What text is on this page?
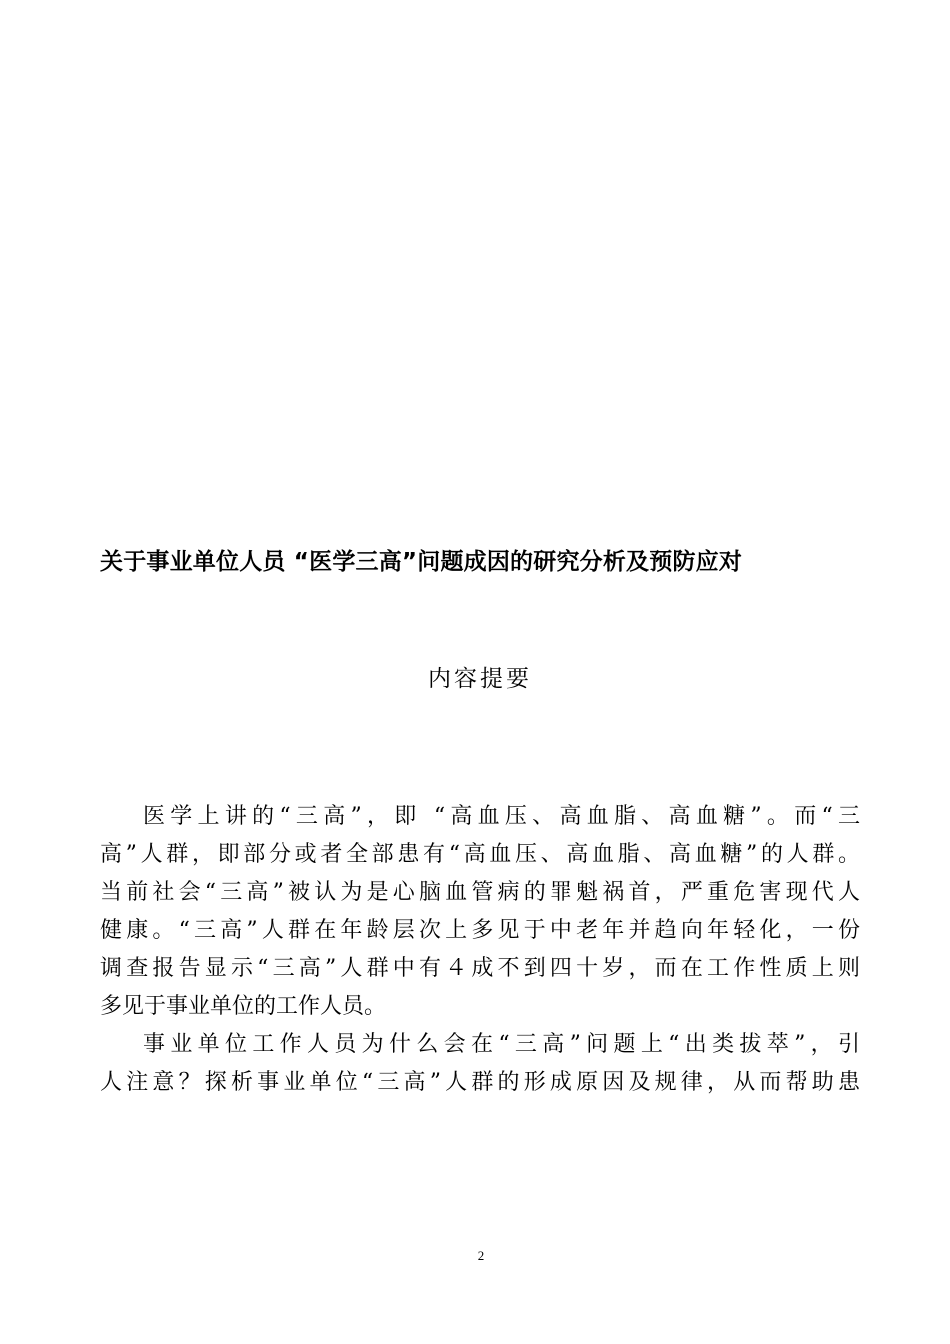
关于事业单位人员 “医学三高”问题成因的研究分析及预防应对
内容提要
医学上讲的“三高”，即 “高血压、高血脂、高血糖”。而“三
高”人群，即部分或者全部患有“高血压、高血脂、高血糖”的人群。
当前社会“三高”被认为是心脑血管病的罪魁祸首，严重危害现代人
健康。“三高”人群在年龄层次上多见于中老年并趋向年轻化，一份
调查报告显示“三高”人群中有４成不到四十岁，而在工作性质上则
多见于事业单位的工作人员。
事业单位工作人员为什么会在“三高”问题上“出类拔萃”，引
人注意？探析事业单位“三高”人群的形成原因及规律，从而帮助患
2
